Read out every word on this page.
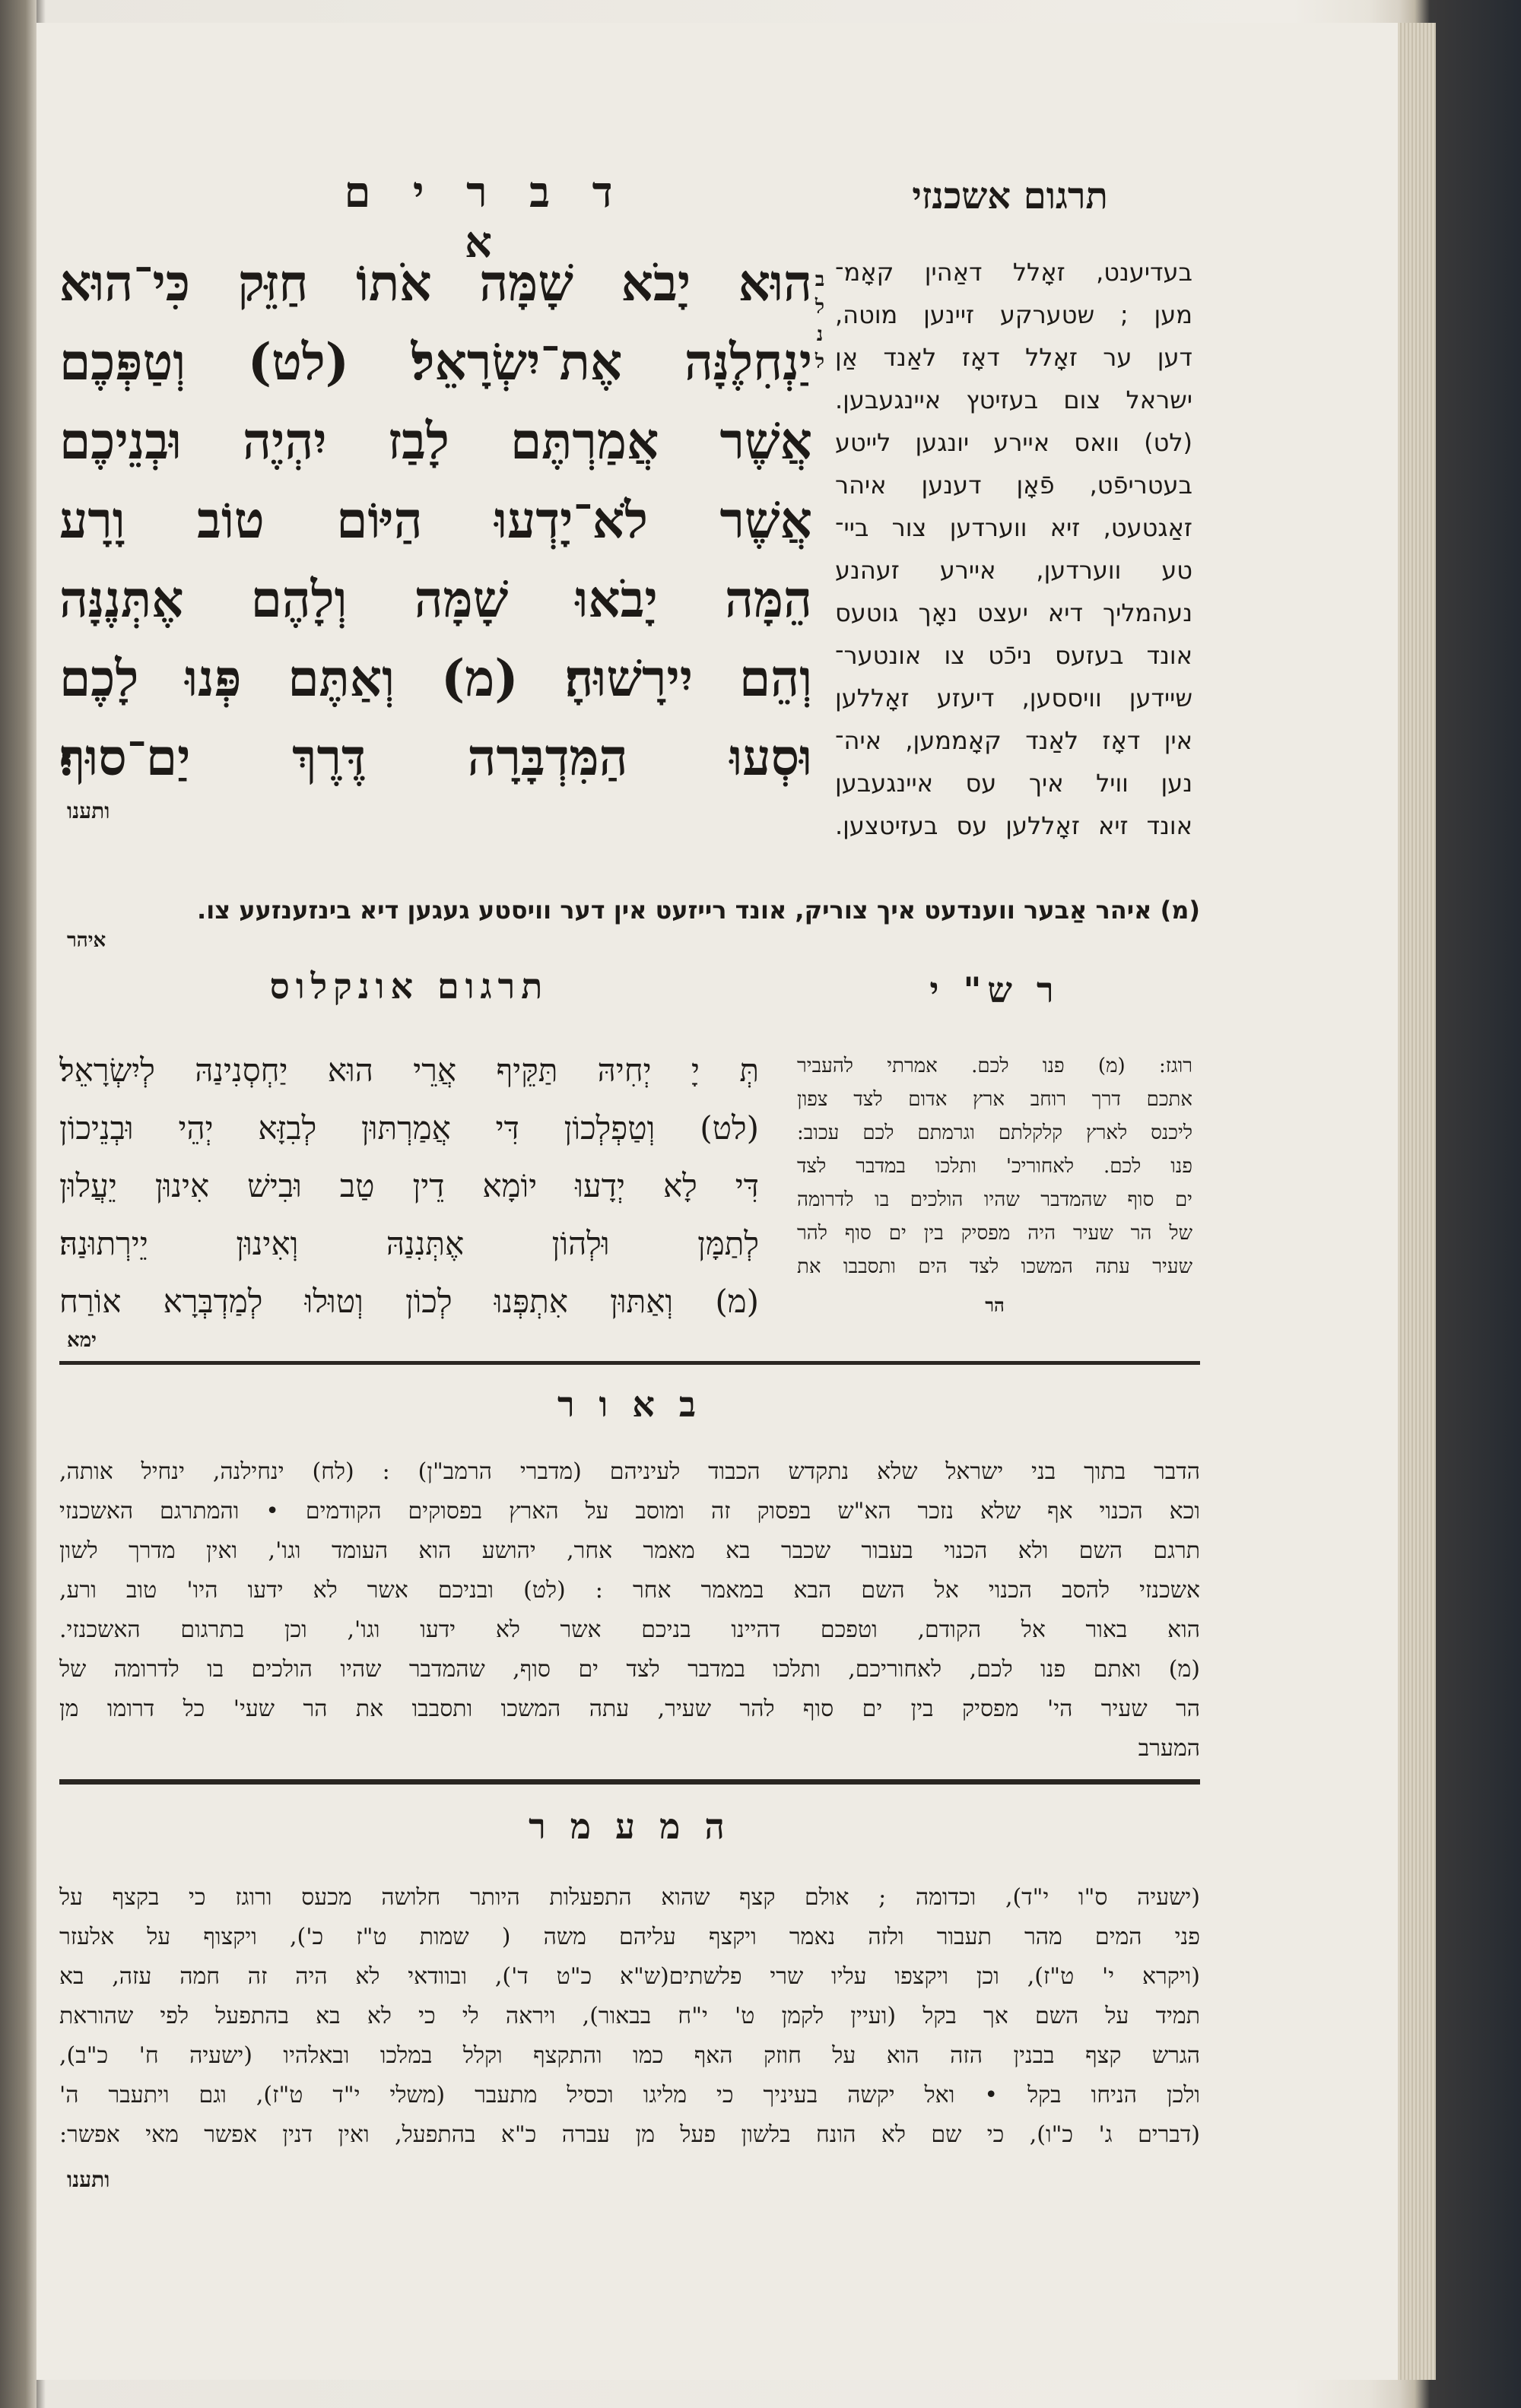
ד ב ר י ם א
תרגום אשכנזי
הוּא יָבֹא שָׁמָּה אֹתוֹ חַזֵּק כִּי־הוּא
יַנְחִלֶנָּה אֶת־יִשְׂרָאֵל׃ (לט) וְטַפְּכֶם
אֲשֶׁר אֲמַרְתֶּם לָבַז יִהְיֶה וּבְנֵיכֶם
אֲשֶׁר לֹא־יָדְעוּ הַיּוֹם טוֹב וָרָע
הֵמָּה יָבֹאוּ שָׁמָּה וְלָהֶם אֶתְּנֶנָּה
וְהֵם יִירָשׁוּהָ׃ (מ) וְאַתֶּם פְּנוּ לָכֶם
וּסְעוּ הַמִּדְבָּרָה דֶּרֶךְ יַם־סוּף׃
ותענו
ב
ל
נ
ל
בעדיענט, זאָלל דאַהין קאָמ־
מען ; שטערקע זיינען מוטה,
דען ער זאָלל דאָז לאַנד אַן
ישראל צום בעזיטץ איינגעבען.
(לט) וואס איירע יונגען לייטע
בעטריפֿט, פֿאָן דענען איהר
זאַגטעט, זיא ווערדען צור ביי־
טע ווערדען, איירע זעהנע
נעהמליך דיא יעצט נאָך גוטעס
אונד בעזעס ניכֿט צו אונטער־
שיידען וויססען, דיעזע זאָללען
אין דאָז לאַנד קאָממען, איה־
נען וויל איך עס איינגעבען
אונד זיא זאָללען עס בעזיטצען.
(מ) איהר אַבער ווענדעט איך צוריק, אונד רייזעט אין דער וויסטע געגען דיא בינזענזעע צו.
איהר
תרגום אונקלוס	ר ש" י
תְּ יָ יְחִיהּ תַּקֵּיף אֲרֵי הוּא יַחְסְנִינַהּ לְיִשְׂרָאֵל׃
(לט) וְטַפְלְכוֹן דִּי אֲמַרְתּוּן לְבִזָּא יְהֵי וּבְנֵיכוֹן
דִּי לָא יְדָעוּ יוֹמָא דֵין טַב וּבִישׁ אִינוּן יֵעֲלוּן
לְתַמָּן וּלְהוֹן אֶתְּנִנַהּ וְאִינוּן יֵירְתוּנַהּ׃
(מ) וְאַתּוּן אִתְפְּנוּ לְכוֹן וְטוּלוּ לְמַדְבְּרָא אוֹרַח
ימא
רוגז: (מ) פנו לכם. אמרתי להעביר
אתכם דרך רוחב ארץ אדום לצד צפון
ליכנס לארץ קלקלתם וגרמתם לכם עכוב:
פנו לכם. לאחוריכ' ותלכו במדבר לצד
ים סוף שהמדבר שהיו הולכים בו לדרומה
של הר שעיר היה מפסיק בין ים סוף להר
שעיר עתה המשכו לצד הים ותסבבו את
הר
ב א ו ר
הדבר בתוך בני ישראל שלא נתקדש הכבוד לעיניהם (מדברי הרמב"ן) : (לח) ינחילנה, ינחיל אותה,
וכא הכנוי אף שלא נזכר הא"ש בפסוק זה ומוסב על הארץ בפסוקים הקודמים • והמתרגם האשכנזי
תרגם השם ולא הכנוי בעבור שכבר בא מאמר אחר, יהושע הוא העומד וגו', ואין מדרך לשון
אשכנזי להסב הכנוי אל השם הבא במאמר אחר : (לט) ובניכם אשר לא ידעו היו' טוב ורע,
הוא באור אל הקודם, וטפכם דהיינו בניכם אשר לא ידעו וגו', וכן בתרגום האשכנזי.
(מ) ואתם פנו לכם, לאחוריכם, ותלכו במדבר לצד ים סוף, שהמדבר שהיו הולכים בו לדרומה של
הר שעיר הי' מפסיק בין ים סוף להר שעיר, עתה המשכו ותסבבו את הר שעי' כל דרומו מן
המערב
ה מ ע מ ר
(ישעיה ס"ו י"ד), וכדומה ; אולם קצף שהוא התפעלות היותר חלושה מכעס ורוגז כי בקצף על
פני המים מהר תעבור ולזה נאמר ויקצף עליהם משה ( שמות ט"ז כ'), ויקצוף על אלעזר
(ויקרא י' ט"ז), וכן ויקצפו עליו שרי פלשתים(ש"א כ"ט ד'), ובוודאי לא היה זה חמה עזה, בא
תמיד על השם אך בקל (ועיין לקמן ט' י"ח בבאור), ויראה לי כי לא בא בהתפעל לפי שהוראת
הגרש קצף בבנין הזה הוא על חוזק האף כמו והתקצף וקלל במלכו ובאלהיו (ישעיה ח' כ"ב),
ולכן הניחו בקל • ואל יקשה בעיניך כי מליגו וכסיל מתעבר (משלי י"ד ט"ז), וגם ויתעבר ה'
(דברים ג' כ"ו), כי שם לא הונח בלשון פעל מן עברה כ"א בהתפעל, ואין דנין אפשר מאי אפשר:
ותענו
